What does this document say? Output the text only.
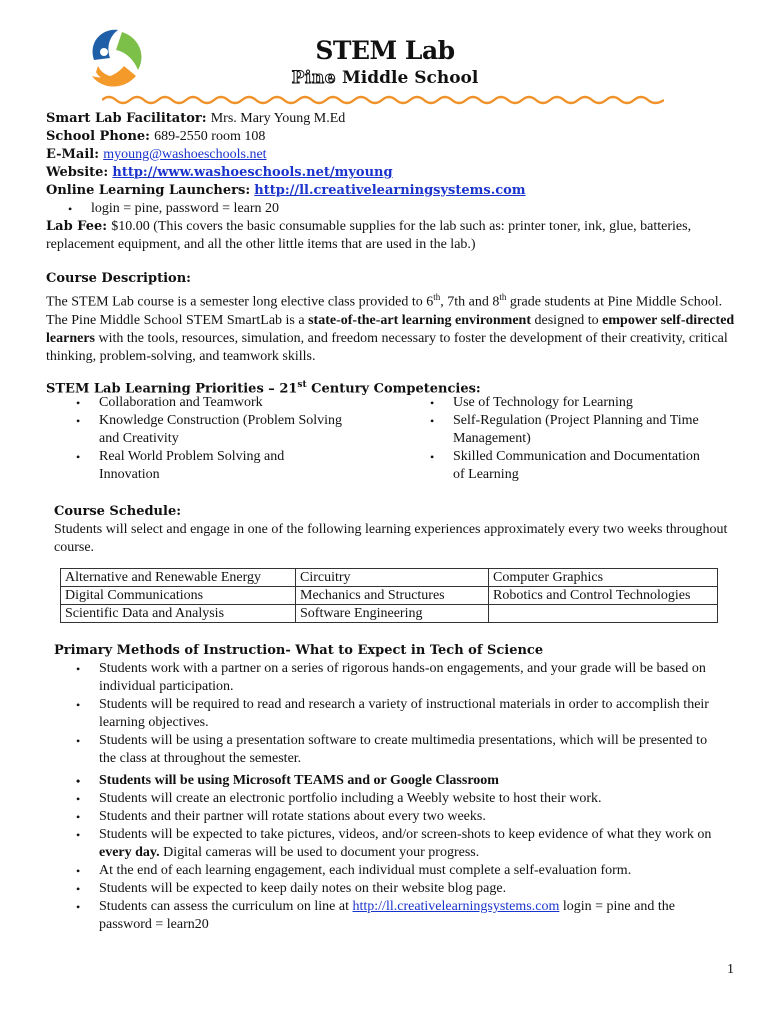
STEM Lab
Pine Middle School
Smart Lab Facilitator: Mrs. Mary Young M.Ed
School Phone: 689-2550 room 108
E-Mail: myoung@washoeschools.net
Website: http://www.washoeschools.net/myoung
Online Learning Launchers: http://ll.creativelearningsystems.com
• login = pine, password = learn 20
Lab Fee: $10.00 (This covers the basic consumable supplies for the lab such as: printer toner, ink, glue, batteries, replacement equipment, and all the other little items that are used in the lab.)
Course Description:
The STEM Lab course is a semester long elective class provided to 6th, 7th and 8th grade students at Pine Middle School. The Pine Middle School STEM SmartLab is a state-of-the-art learning environment designed to empower self-directed learners with the tools, resources, simulation, and freedom necessary to foster the development of their creativity, critical thinking, problem-solving, and teamwork skills.
STEM Lab Learning Priorities – 21st Century Competencies:
• Collaboration and Teamwork
• Knowledge Construction (Problem Solving and Creativity
• Real World Problem Solving and Innovation
• Use of Technology for Learning
• Self-Regulation (Project Planning and Time Management)
• Skilled Communication and Documentation of Learning
Course Schedule:
Students will select and engage in one of the following learning experiences approximately every two weeks throughout course.
Alternative and Renewable Energy	Circuitry	Computer Graphics
Digital Communications	Mechanics and Structures	Robotics and Control Technologies
Scientific Data and Analysis	Software Engineering	
Primary Methods of Instruction- What to Expect in Tech of Science
• Students work with a partner on a series of rigorous hands-on engagements, and your grade will be based on individual participation.
• Students will be required to read and research a variety of instructional materials in order to accomplish their learning objectives.
• Students will be using a presentation software to create multimedia presentations, which will be presented to the class at throughout the semester.
• Students will be using Microsoft TEAMS and or Google Classroom
• Students will create an electronic portfolio including a Weebly website to host their work.
• Students and their partner will rotate stations about every two weeks.
• Students will be expected to take pictures, videos, and/or screen-shots to keep evidence of what they work on every day. Digital cameras will be used to document your progress.
• At the end of each learning engagement, each individual must complete a self-evaluation form.
• Students will be expected to keep daily notes on their website blog page.
• Students can assess the curriculum on line at http://ll.creativelearningsystems.com login = pine and the password = learn20
1
